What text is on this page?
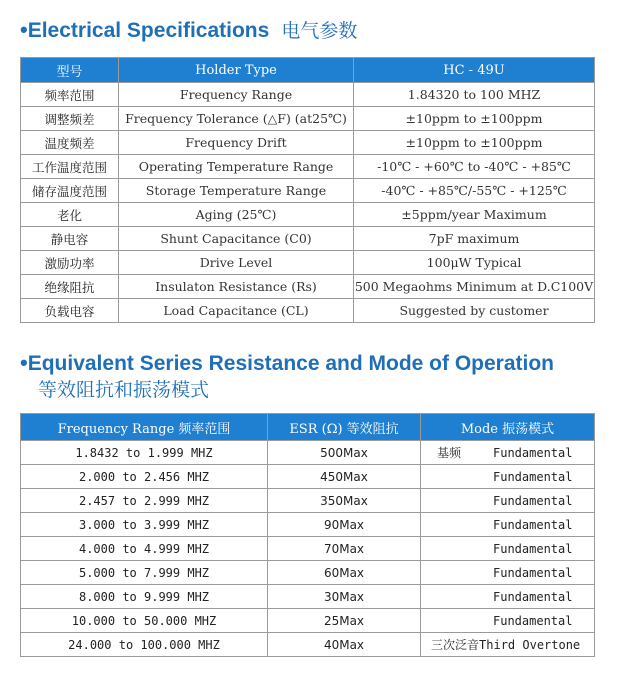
•Electrical Specifications 电气参数
型号	Holder Type	HC - 49U
频率范围	Frequency Range	1.84320 to 100 MHZ
调整频差	Frequency Tolerance (△F) (at25℃)	±10ppm to ±100ppm
温度频差	Frequency Drift	±10ppm to ±100ppm
工作温度范围	Operating Temperature Range	-10℃ - +60℃ to -40℃ - +85℃
储存温度范围	Storage Temperature Range	-40℃ - +85℃/-55℃ - +125℃
老化	Aging (25℃)	±5ppm/year Maximum
静电容	Shunt Capacitance (C0)	7pF maximum
激励功率	Drive Level	100μW Typical
绝缘阻抗	Insulaton Resistance (Rs)	500 Megaohms Minimum at D.C100V
负载电容	Load Capacitance (CL)	Suggested by customer
•Equivalent Series Resistance and Mode of Operation
等效阻抗和振荡模式
Frequency Range 频率范围	ESR (Ω) 等效阻抗	Mode 振荡模式
1.8432 to 1.999 MHZ	500Max	基频 Fundamental
2.000 to 2.456 MHZ	450Max	Fundamental
2.457 to 2.999 MHZ	350Max	Fundamental
3.000 to 3.999 MHZ	90Max	Fundamental
4.000 to 4.999 MHZ	70Max	Fundamental
5.000 to 7.999 MHZ	60Max	Fundamental
8.000 to 9.999 MHZ	30Max	Fundamental
10.000 to 50.000 MHZ	25Max	Fundamental
24.000 to 100.000 MHZ	40Max	三次泛音Third Overtone
